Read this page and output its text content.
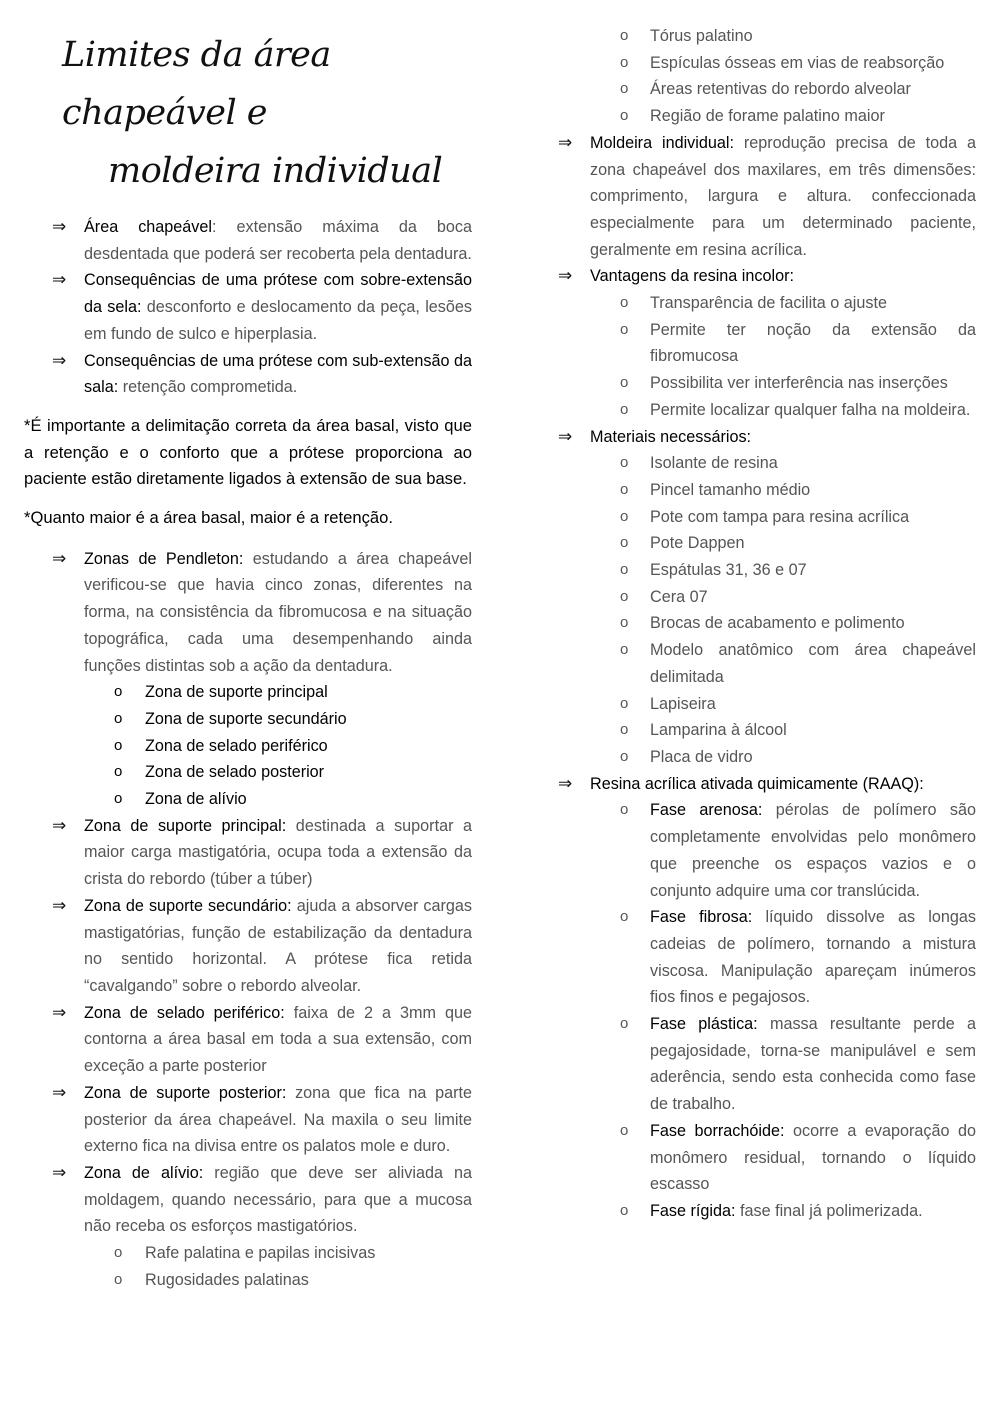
Limites da área chapeável e
moldeira individual
⇒ Área chapeável: extensão máxima da boca desdentada que poderá ser recoberta pela dentadura.
⇒ Consequências de uma prótese com sobre-extensão da sela: desconforto e deslocamento da peça, lesões em fundo de sulco e hiperplasia.
⇒ Consequências de uma prótese com sub-extensão da sala: retenção comprometida.
*É importante a delimitação correta da área basal, visto que a retenção e o conforto que a prótese proporciona ao paciente estão diretamente ligados à extensão de sua base.
*Quanto maior é a área basal, maior é a retenção.
⇒ Zonas de Pendleton: estudando a área chapeável verificou-se que havia cinco zonas, diferentes na forma, na consistência da fibromucosa e na situação topográfica, cada uma desempenhando ainda funções distintas sob a ação da dentadura.
o Zona de suporte principal
o Zona de suporte secundário
o Zona de selado periférico
o Zona de selado posterior
o Zona de alívio
⇒ Zona de suporte principal: destinada a suportar a maior carga mastigatória, ocupa toda a extensão da crista do rebordo (túber a túber)
⇒ Zona de suporte secundário: ajuda a absorver cargas mastigatórias, função de estabilização da dentadura no sentido horizontal. A prótese fica retida “cavalgando” sobre o rebordo alveolar.
⇒ Zona de selado periférico: faixa de 2 a 3mm que contorna a área basal em toda a sua extensão, com exceção a parte posterior
⇒ Zona de suporte posterior: zona que fica na parte posterior da área chapeável. Na maxila o seu limite externo fica na divisa entre os palatos mole e duro.
⇒ Zona de alívio: região que deve ser aliviada na moldagem, quando necessário, para que a mucosa não receba os esforços mastigatórios.
o Rafe palatina e papilas incisivas
o Rugosidades palatinas
o Tórus palatino
o Espículas ósseas em vias de reabsorção
o Áreas retentivas do rebordo alveolar
o Região de forame palatino maior
⇒ Moldeira individual: reprodução precisa de toda a zona chapeável dos maxilares, em três dimensões: comprimento, largura e altura. confeccionada especialmente para um determinado paciente, geralmente em resina acrílica.
⇒ Vantagens da resina incolor:
o Transparência de facilita o ajuste
o Permite ter noção da extensão da fibromucosa
o Possibilita ver interferência nas inserções
o Permite localizar qualquer falha na moldeira.
⇒ Materiais necessários:
o Isolante de resina
o Pincel tamanho médio
o Pote com tampa para resina acrílica
o Pote Dappen
o Espátulas 31, 36 e 07
o Cera 07
o Brocas de acabamento e polimento
o Modelo anatômico com área chapeável delimitada
o Lapiseira
o Lamparina à álcool
o Placa de vidro
⇒ Resina acrílica ativada quimicamente (RAAQ):
o Fase arenosa: pérolas de polímero são completamente envolvidas pelo monômero que preenche os espaços vazios e o conjunto adquire uma cor translúcida.
o Fase fibrosa: líquido dissolve as longas cadeias de polímero, tornando a mistura viscosa. Manipulação apareçam inúmeros fios finos e pegajosos.
o Fase plástica: massa resultante perde a pegajosidade, torna-se manipulável e sem aderência, sendo esta conhecida como fase de trabalho.
o Fase borrachóide: ocorre a evaporação do monômero residual, tornando o líquido escasso
o Fase rígida: fase final já polimerizada.
